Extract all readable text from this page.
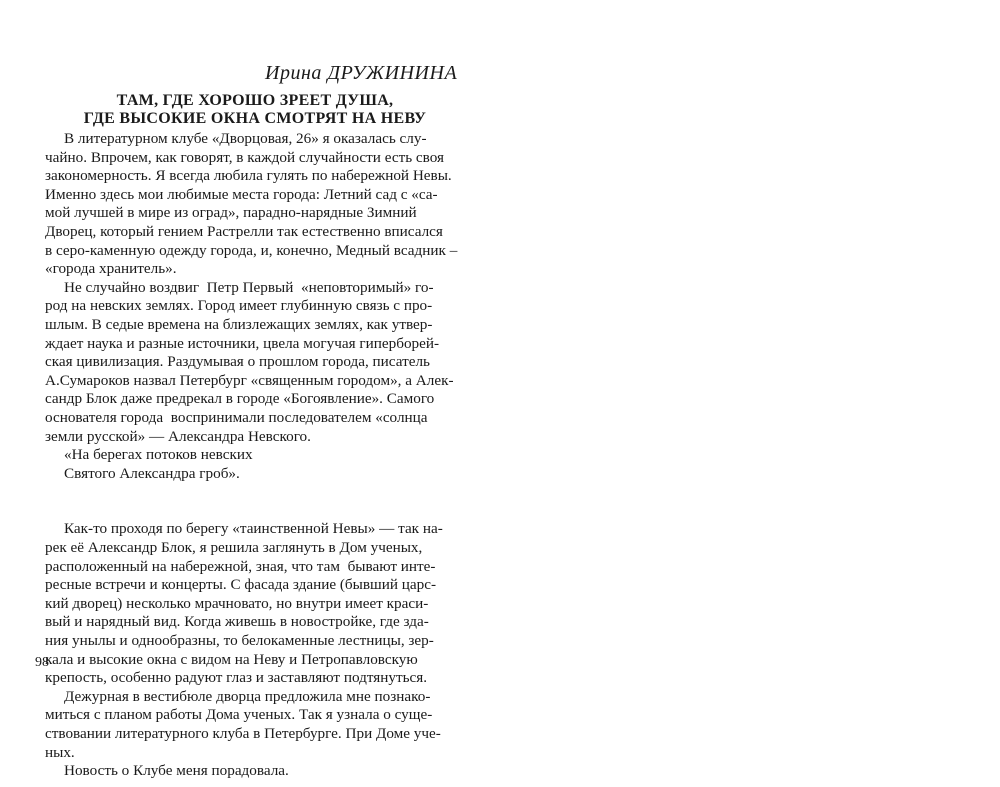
Ирина ДРУЖИНИНА
ТАМ, ГДЕ ХОРОШО ЗРЕЕТ ДУША,
ГДЕ ВЫСОКИЕ ОКНА СМОТРЯТ НА НЕВУ
В литературном клубе «Дворцовая, 26» я оказалась слу-
чайно. Впрочем, как говорят, в каждой случайности есть своя
закономерность. Я всегда любила гулять по набережной Невы.
Именно здесь мои любимые места города: Летний сад с «са-
мой лучшей в мире из оград», парадно-нарядные Зимний
Дворец, который гением Растрелли так естественно вписался
в серо-каменную одежду города, и, конечно, Медный всадник –
«города хранитель».
Не случайно воздвиг  Петр Первый  «неповторимый» го-
род на невских землях. Город имеет глубинную связь с про-
шлым. В седые времена на близлежащих землях, как утвер-
ждает наука и разные источники, цвела могучая гиперборей-
ская цивилизация. Раздумывая о прошлом города, писатель
А.Сумароков назвал Петербург «священным городом», а Алек-
сандр Блок даже предрекал в городе «Богоявление». Самого
основателя города  воспринимали последователем «солнца
земли русской» — Александра Невского.
«На берегах потоков невских
Святого Александра гроб».
Как-то проходя по берегу «таинственной Невы» — так на-
рек её Александр Блок, я решила заглянуть в Дом ученых,
расположенный на набережной, зная, что там  бывают инте-
ресные встречи и концерты. С фасада здание (бывший царс-
кий дворец) несколько мрачновато, но внутри имеет краси-
вый и нарядный вид. Когда живешь в новостройке, где зда-
ния унылы и однообразны, то белокаменные лестницы, зер-
кала и высокие окна с видом на Неву и Петропавловскую
крепость, особенно радуют глаз и заставляют подтянуться.
Дежурная в вестибюле дворца предложила мне познако-
миться с планом работы Дома ученых. Так я узнала о суще-
ствовании литературного клуба в Петербурге. При Доме уче-
ных.
Новость о Клубе меня порадовала.
98
